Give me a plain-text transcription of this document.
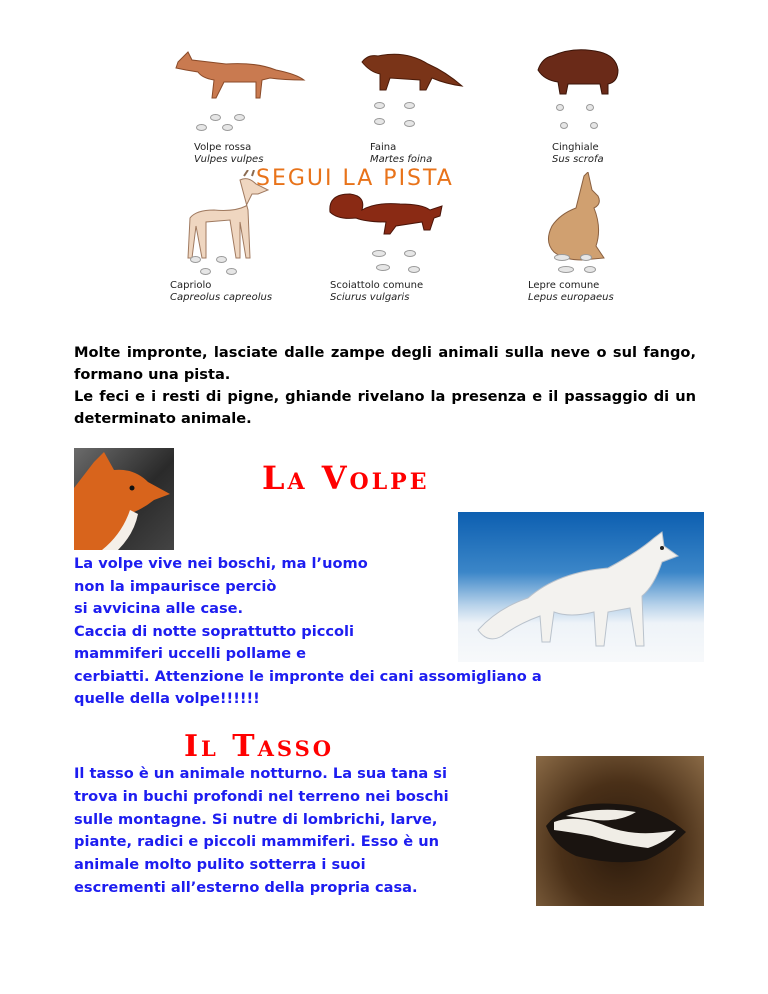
Volpe rossa
Vulpes vulpes
Faina
Martes foina
Cinghiale
Sus scrofa
SEGUI LA PISTA
Capriolo
Capreolus capreolus
Scoiattolo comune
Sciurus vulgaris
Lepre comune
Lepus europaeus

Molte impronte, lasciate dalle zampe degli animali sulla neve o sul fango, formano una pista.

Le feci e i resti di pigne, ghiande rivelano la presenza e il passaggio di un determinato animale.

La Volpe

La volpe vive nei boschi, ma l’uomo

non la impaurisce perciò

si avvicina alle case.

Caccia di notte soprattutto piccoli

mammiferi uccelli pollame e

cerbiatti. Attenzione le impronte dei cani assomigliano a

quelle della volpe!!!!!!

Il Tasso

Il tasso è un animale notturno. La sua tana si

trova in buchi profondi nel terreno nei boschi

sulle montagne. Si nutre di lombrichi, larve,

piante, radici e piccoli mammiferi. Esso è un

animale molto pulito sotterra i suoi

escrementi all’esterno della propria casa.
